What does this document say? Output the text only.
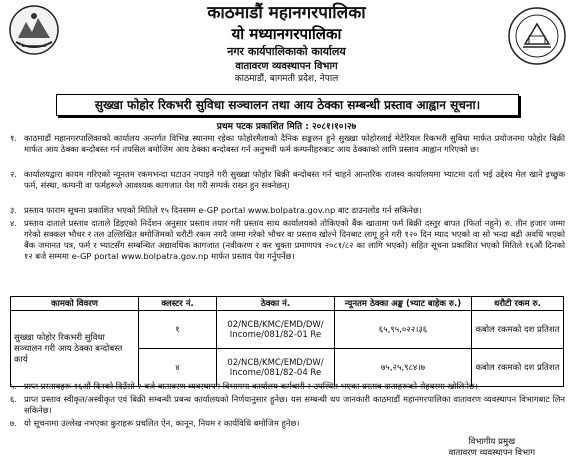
काठमाडौं महानगरपालिका
यो मध्यानगरपालिका
नगर कार्यपालिकाको कार्यालय
वातावरण व्यवस्थापन विभाग
काठमाडौं, बागमती प्रदेश, नेपाल
सुख्खा फोहोर रिकभरी सुविधा सञ्चालन तथा आय ठेक्का सम्बन्धी प्रस्ताव आह्वान सूचना।
प्रथम पटक प्रकाशित मिति : २०८१।१०।२७
१. काठमाडौं महानगरपालिकाको कार्यालय अन्तर्गत विभिन्न स्थानमा रहेका फोहोरमैलाको दैनिक सङ्कलन हुने सुख्खा फोहोरलाई मेटेरियल रिकभरी सुविधा मार्फत प्रयोजनमा फोहोर बिक्री मार्फत आय ठेक्का बन्दोबस्त गर्न तपसिल बमोजिम आय ठेक्का बन्दोबस्त गर्न अनुभवी फर्म कम्पनीहरुबाट आय ठेक्काको लागि प्रस्ताव आह्वान गरिएको छ।
२. कार्यालयद्वारा कायम गरिएको न्यूनतम रकमभन्दा घटाउन नपाइने गरी सुख्खा फोहोर बिक्री बन्दोबस्त गर्न चाहने आन्तरिक राजस्व कार्यालयमा भ्याटमा दर्ता भई उद्देश्य मेल खाने इच्छुक फर्म, संस्था, कम्पनी वा फर्महरूले आवश्यक कागजात पेश गरी सम्पर्क राख्न हुन सक्नेछन्।
३. प्रस्ताव फाराम सूचना प्रकाशित भएको मितिले १५ दिनसम्म e-GP portal www.bolpatra.gov.np बाट डाउनलोड गर्न सकिनेछ।
४. प्रस्ताव दाताले प्रस्ताव दाताले डिइएको निर्देशन अनुसार प्रस्ताव तयार गरी प्रस्ताव साथ कार्यालयको तोकिएको बैंक खातामा फर्म बिक्री दस्तुर बापत (फिर्ता नहुने) रु. तीन हजार जम्मा गरेको सक्कल भौचर र तल उल्लिखित बमोजिमको धरौटी रकम नगदै जम्मा गरेको भौचर वा प्रस्ताव खोल्ने दिनबाट लागू हुने गरी १२० दिन म्याद भएको वा सो भन्दा बढी अवधि भएको बैंक जमानत पत्र, फर्म र भ्याटसँग सम्बन्धित अद्यावधिक कागजात (नवीकरण र कर चुक्ता प्रमाणपत्र २०८१/८२ का लागि भएको) सहित सूचना प्रकाशित भएको मितिले १६औं दिनको १२ बजे सम्ममा e-GP portal www.bolpatra.gov.np मार्फत प्रस्ताव पेश गर्नुपर्नेछ।
कामको विवरण	क्लस्टर नं.	ठेक्का नं.	न्यूनतम ठेक्का अङ्क (भ्याट बाहेक रु.)	धरौटी रकम रु.
सुख्खा फोहोर रिकभरी सुविधा सञ्चालन गरी आय ठेक्का बन्दोबस्त कार्य	१	02/NCB/KMC/EMD/DW/ Income/081/82-01 Re	६५,९५,०२२।३६	कबोल रकमको दश प्रतिशत
	४	02/NCB/KMC/EMD/DW/ Income/081/82-04 Re	७५,२५,९८४।७	कबोल रकमको दश प्रतिशत
५. प्राप्त प्रस्तावहरू १६औं दिनको दिउँसो २ बजे वातावरण व्यवस्थापन विभागमा कार्यालय कर्मचारी र उपस्थित भएका प्रस्ताव दाताहरूको रोहबरमा खोलिनेछ।
६. प्राप्त प्रस्ताव स्वीकृत/अस्वीकृत एवं बिक्री सम्बन्धी प्रबन्ध कार्यालयको निर्णयानुसार हुनेछ। यस सम्बन्धी थप जानकारी काठमाडौं महानगरपालिका वातावरण व्यवस्थापन विभागबाट लिन सकिनेछ।
७. यो सूचनामा उल्लेख नभएका कुराहरू प्रचलित ऐन, कानून, नियम र कार्यविधि बमोजिम हुनेछ।
विभागीय प्रमुख
वातावरण व्यवस्थापन विभाग
